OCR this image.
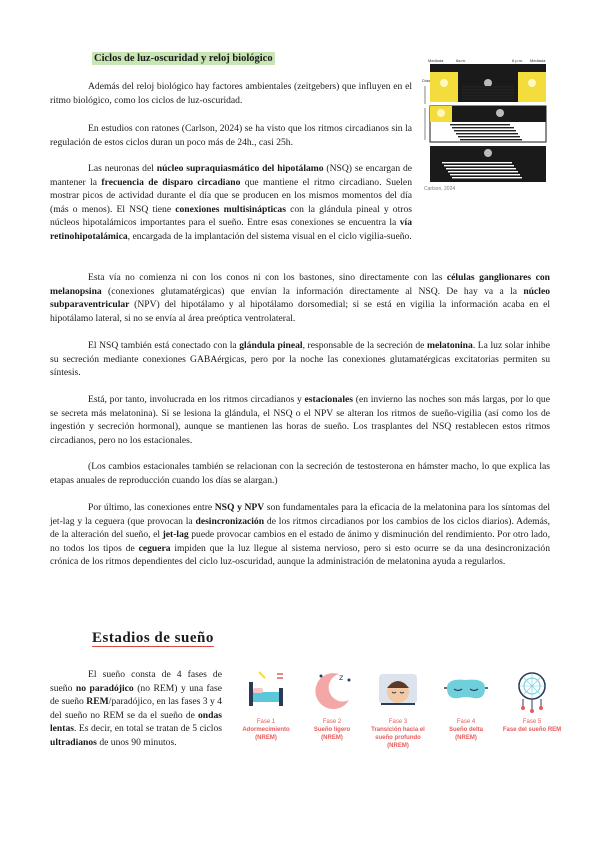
Ciclos de luz-oscuridad y reloj biológico
Además del reloj biológico hay factores ambientales (zeitgebers) que influyen en el ritmo biológico, como los ciclos de luz-oscuridad.
En estudios con ratones (Carlson, 2024) se ha visto que los ritmos circadianos sin la regulación de estos ciclos duran un poco más de 24h., casi 25h.
Las neuronas del núcleo supraquiasmático del hipotálamo (NSQ) se encargan de mantener la frecuencia de disparo circadiano que mantiene el ritmo circadiano. Suelen mostrar picos de actividad durante el día que se producen en los mismos momentos del día (más o menos). El NSQ tiene conexiones multisinápticas con la glándula pineal y otros núcleos hipotalámicos importantes para el sueño. Entre esas conexiones se encuentra la vía retinohipotalámica, encargada de la implantación del sistema visual en el ciclo vigilia-sueño.
Medioda	6a.m.	6 p.m. Mediada
Días
Carlson, 2024
Esta vía no comienza ni con los conos ni con los bastones, sino directamente con las células ganglionares con melanopsina (conexiones glutamatérgicas) que envían la información directamente al NSQ. De hay va a la núcleo subparaventricular (NPV) del hipotálamo y al hipotálamo dorsomedial; si se está en vigilia la información acaba en el hipotálamo lateral, si no se envía al área preóptica ventrolateral.
El NSQ también está conectado con la glándula pineal, responsable de la secreción de melatonina. La luz solar inhibe su secreción mediante conexiones GABAérgicas, pero por la noche las conexiones glutamatérgicas excitatorias permiten su síntesis.
Está, por tanto, involucrada en los ritmos circadianos y estacionales (en invierno las noches son más largas, por lo que se secreta más melatonina). Si se lesiona la glándula, el NSQ o el NPV se alteran los ritmos de sueño-vigilia (así como los de ingestión y secreción hormonal), aunque se mantienen las horas de sueño. Los trasplantes del NSQ restablecen estos ritmos circadianos, pero no los estacionales.
(Los cambios estacionales también se relacionan con la secreción de testosterona en hámster macho, lo que explica las etapas anuales de reproducción cuando los días se alargan.)
Por último, las conexiones entre NSQ y NPV son fundamentales para la eficacia de la melatonina para los síntomas del jet-lag y la ceguera (que provocan la desincronización de los ritmos circadianos por los cambios de los ciclos diarios). Además, de la alteración del sueño, el jet-lag puede provocar cambios en el estado de ánimo y disminución del rendimiento. Por otro lado, no todos los tipos de ceguera impiden que la luz llegue al sistema nervioso, pero si esto ocurre se da una desincronización crónica de los ritmos dependientes del ciclo luz-oscuridad, aunque la administración de melatonina ayuda a regularlos.
Estadios de sueño
El sueño consta de 4 fases de sueño no paradójico (no REM) y una fase de sueño REM/paradójico, en las fases 3 y 4 del sueño no REM se da el sueño de ondas lentas. Es decir, en total se tratan de 5 ciclos ultradianos de unos 90 minutos.
Fase 1
Adormecimiento
(NREM)
z
Fase 2
Sueño ligero
(NREM)
Fase 3
Transición hacia el sueño profundo
(NREM)
Fase 4
Sueño delta
(NREM)
Fase 5
Fase del sueño REM
